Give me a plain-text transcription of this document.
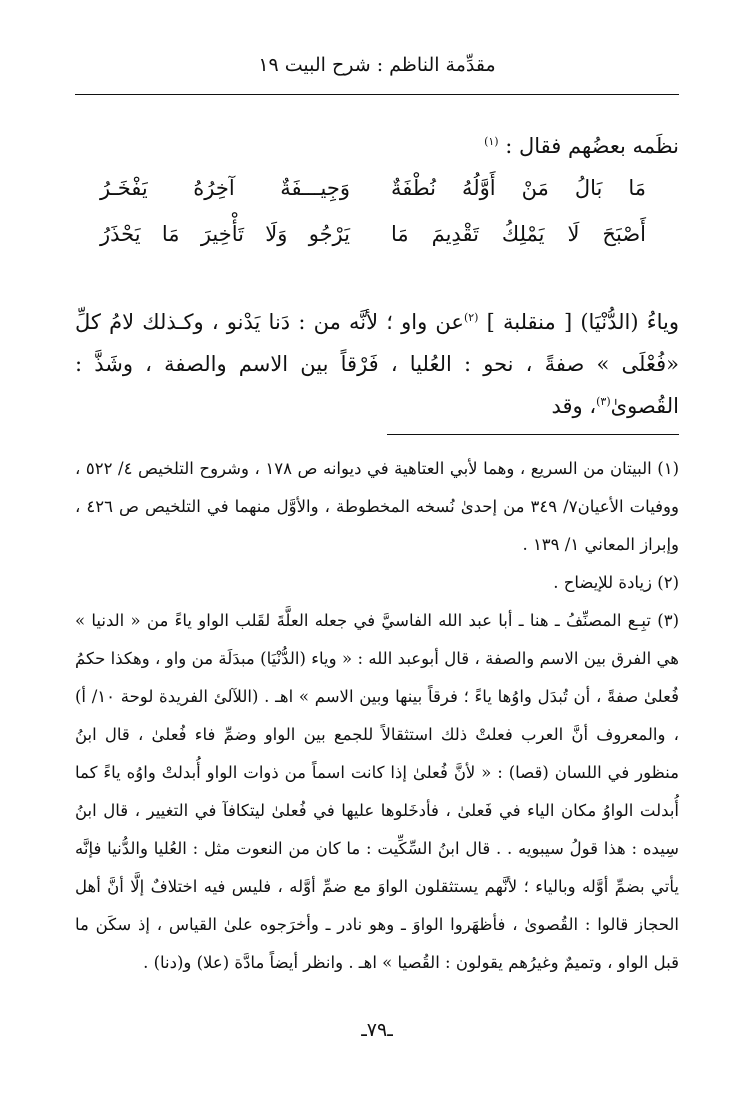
مقدِّمة الناظم : شرح البيت ١٩
نظَمه بعضُهم فقال : $^{(١)}$
مَا بَالُ مَنْ أَوَّلُهُ نُطْفَةٌ
وَجِيـــفَةٌ آخِرُهُ يَفْخَـرُ
أَصْبَحَ لَا يَمْلِكُ تَقْدِيمَ مَا
يَرْجُو وَلَا تَأْخِيرَ مَا يَحْذَرُ

وياءُ (الدُّنْيَا) [ منقلبة ] $^{(٢)}$عن واو ؛ لأنَّه من : دَنا يَدْنو ، وكـذلك لامُ كلِّ «فُعْلَى » صفةً ، نحو : العُليا ، فَرْقاً بين الاسم والصفة ، وشَذَّ : القُصوىٰ$^{(٣)}$، وقد

(١) البيتان من السريع ، وهما لأبي العتاهية في ديوانه ص ١٧٨ ، وشروح التلخيص ٤/ ٥٢٢ ، ووفيات الأعيان٧/ ٣٤٩ من إحدىٰ نُسخه المخطوطة ، والأوَّل منهما في التلخيص ص ٤٢٦ ، وإبراز المعاني ١/ ١٣٩ .

(٢) زيادة للإيضاح .

(٣) تبِـع المصنِّفُ ـ هنا ـ أبا عبد الله الفاسيَّ في جعله العلَّةَ لقَلب الواو ياءً من « الدنيا » هي الفرق بين الاسم والصفة ، قال أبوعبد الله : « وياء (الدُّنْيَا) مبدَلَة من واو ، وهكذا حكمُ فُعلىٰ صفةً ، أن تُبدَل واوُها ياءً ؛ فرقاً بينها وبين الاسم » اهـ . (اللآلئ الفريدة لوحة ١٠/ أ) ، والمعروف أنَّ العرب فعلتْ ذلك استثقالاً للجمع بين الواو وضمِّ فاء فُعلىٰ ، قال ابنُ منظور في اللسان (قصا) : « لأنَّ فُعلىٰ إذا كانت اسماً من ذوات الواو أُبدلتْ واوُه ياءً كما أُبدلت الواوُ مكان الياء في فَعلىٰ ، فأدخَلوها عليها في فُعلىٰ ليتكافآ في التغيير ، قال ابنُ سِيده : هذا قولُ سيبويه . . قال ابنُ السِّكِّيت : ما كان من النعوت مثل : العُليا والدُّنيا فإنَّه يأتي بضمِّ أوَّله وبالياء ؛ لأنَّهم يستثقلون الواوَ مع ضمِّ أوَّله ، فليس فيه اختلافٌ إلَّا أنَّ أهل الحجاز قالوا : القُصوىٰ ، فأظهَروا الواوَ ـ وهو نادر ـ وأخرَجوه علىٰ القياس ، إذ سكَن ما قبل الواو ، وتميمٌ وغيرُهم يقولون : القُصيا » اهـ . وانظر أيضاً مادَّة (علا) و(دنا) .

ـ٧٩ـ
